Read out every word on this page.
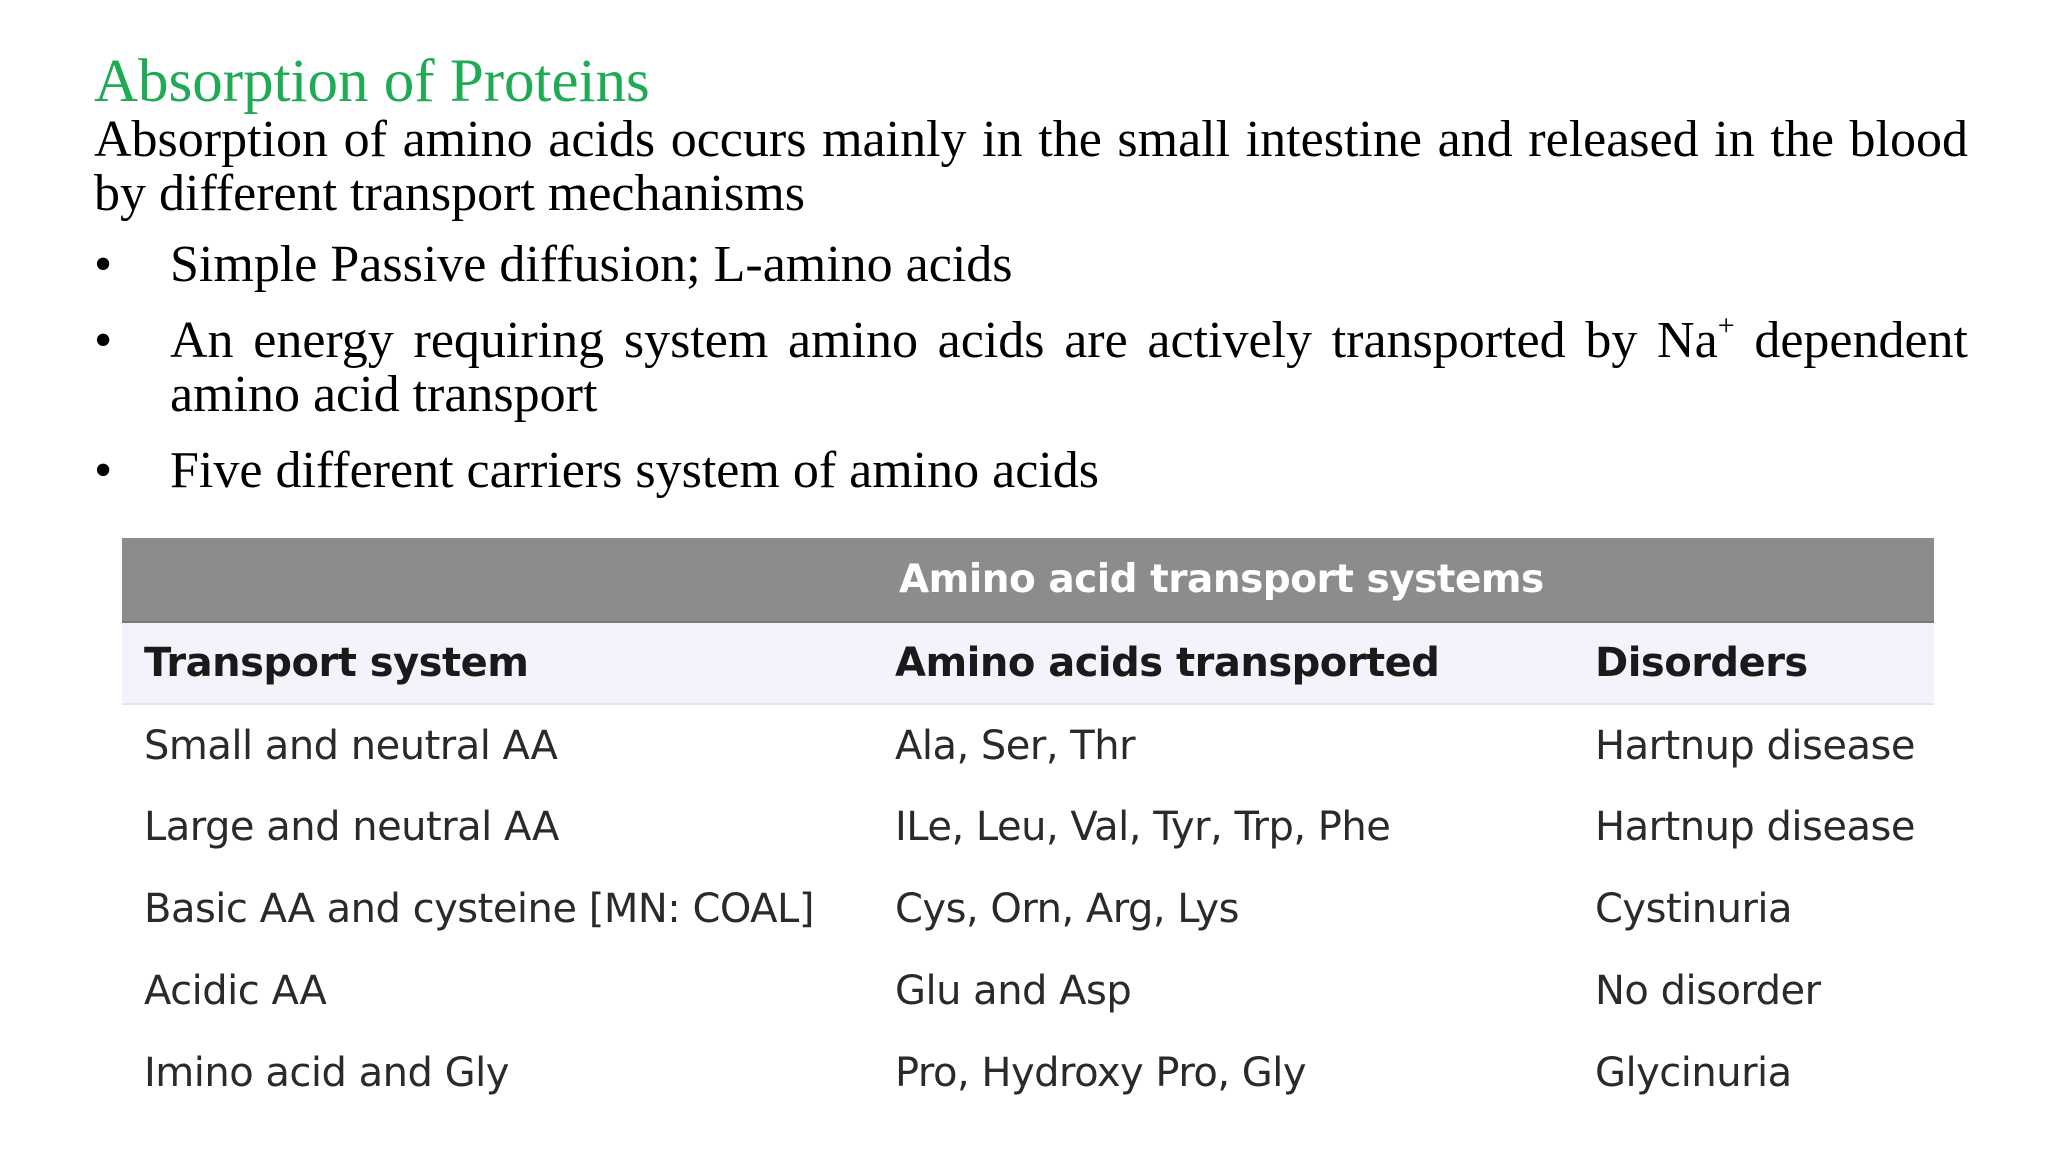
Absorption of Proteins
Absorption of amino acids occurs mainly in the small intestine and released in the blood by different transport mechanisms
• Simple Passive diffusion; L-amino acids
• An energy requiring system amino acids are actively transported by Na+ dependent amino acid transport
• Five different carriers system of amino acids
Amino acid transport systems
Transport system	Amino acids transported	Disorders
Small and neutral AA	Ala, Ser, Thr	Hartnup disease
Large and neutral AA	ILe, Leu, Val, Tyr, Trp, Phe	Hartnup disease
Basic AA and cysteine [MN: COAL]	Cys, Orn, Arg, Lys	Cystinuria
Acidic AA	Glu and Asp	No disorder
Imino acid and Gly	Pro, Hydroxy Pro, Gly	Glycinuria
